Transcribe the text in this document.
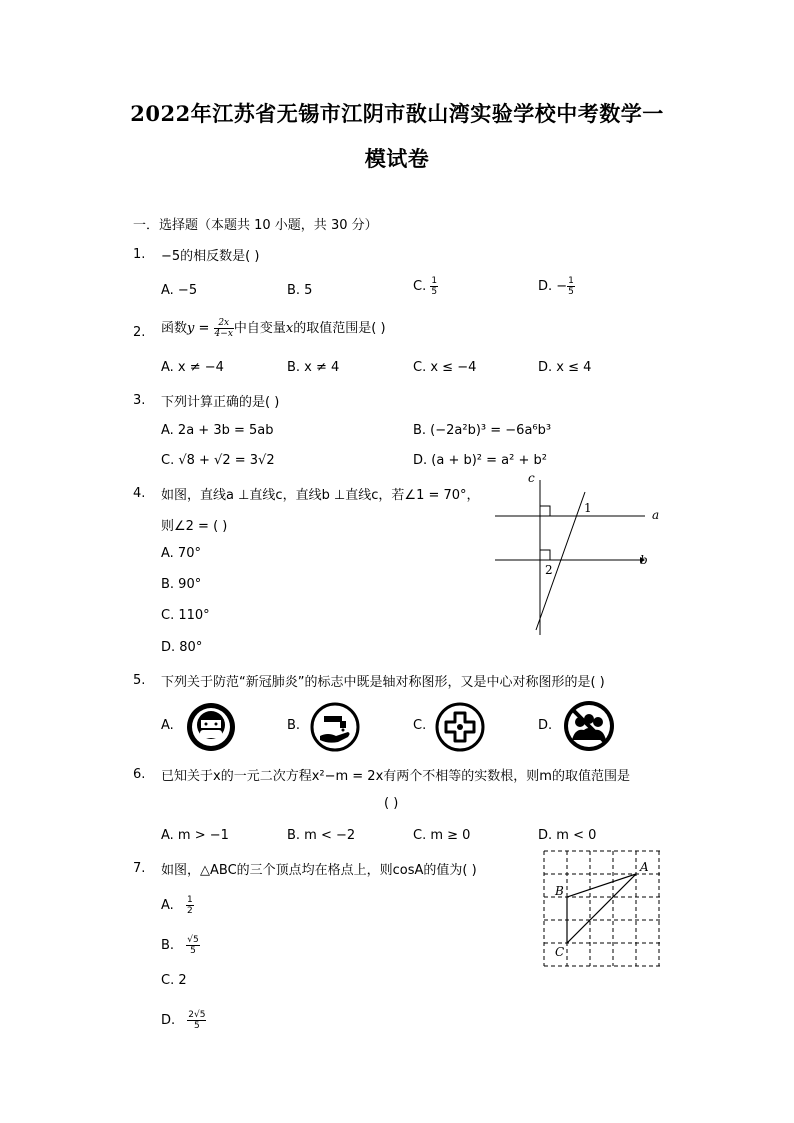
2022年江苏省无锡市江阴市敔山湾实验学校中考数学一
模试卷
一．选择题（本题共 10 小题，共 30 分）
1. −5的相反数是( )
A. −5	B. 5	C. $\frac{1}{5}$	D. − $\frac{1}{5}$
2. 函数$y = \frac{2x}{4-x}$ 中自变量x的取值范围是( )
A. x ≠ −4	B. x ≠ 4	C. x ≤ −4	D. x ≤ 4
3. 下列计算正确的是( )
A. 2a + 3b = 5ab	B. (−2a²b)³ = −6a⁶b³
C. √8 + √2 = 3√2	D. (a + b)² = a² + b²
4. 如图，直线a ⊥直线c，直线b ⊥直线c，若∠1 = 70°，
则∠2 = ( )
A. 70°
B. 90°
C. 110°
D. 80°
c
a
b
1
2
5. 下列关于防范“新冠肺炎”的标志中既是轴对称图形，又是中心对称图形的是( )
A.	B.	C.	D.
6. 已知关于x的一元二次方程x²−m = 2x有两个不相等的实数根，则m的取值范围是
( )
A. m > −1	B. m < −2	C. m ≥ 0	D. m < 0
7. 如图，△ABC的三个顶点均在格点上，则cosA的值为( )
A. $\frac{1}{2}$
B. $\frac{√5}{5}$
C. 2
D. $\frac{2√5}{5}$
A
B
C
